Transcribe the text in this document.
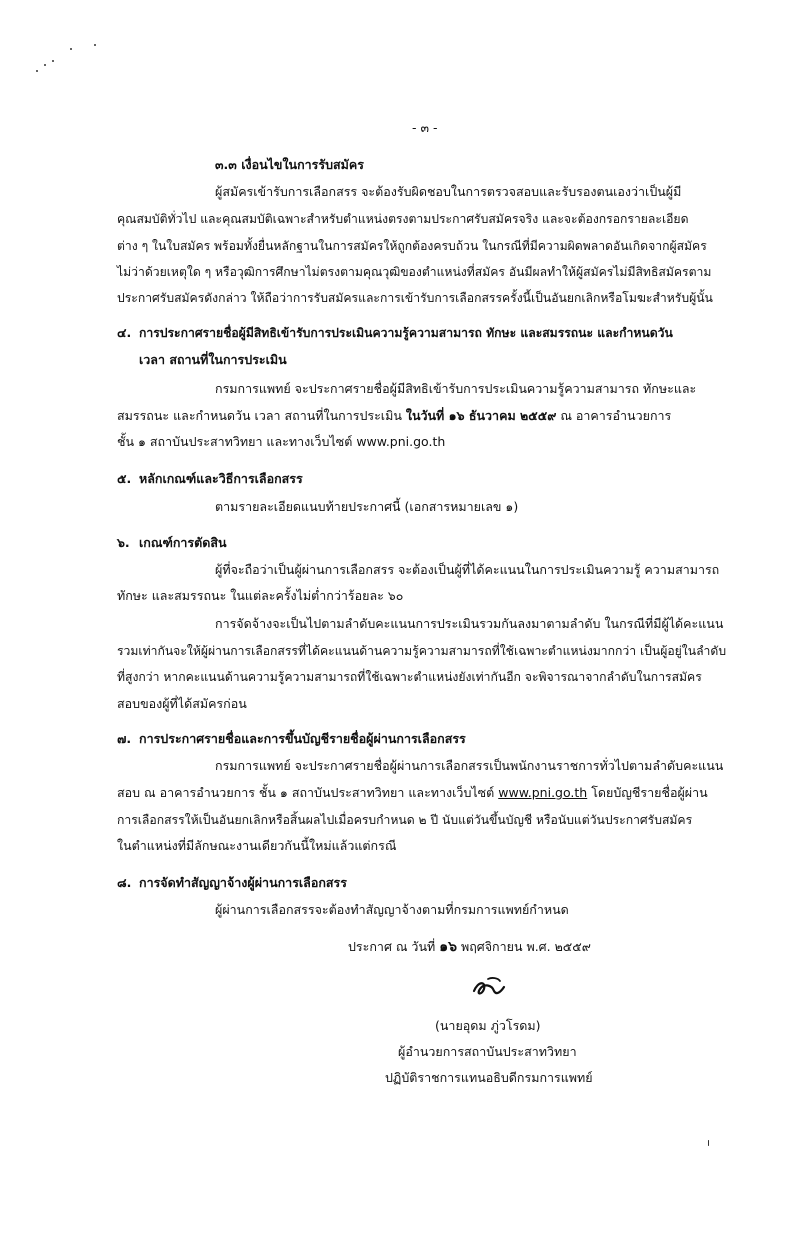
- ๓ -
๓.๓ เงื่อนไขในการรับสมัคร
ผู้สมัครเข้ารับการเลือกสรร จะต้องรับผิดชอบในการตรวจสอบและรับรองตนเองว่าเป็นผู้มี
คุณสมบัติทั่วไป และคุณสมบัติเฉพาะสำหรับตำแหน่งตรงตามประกาศรับสมัครจริง และจะต้องกรอกรายละเอียด
ต่าง ๆ ในใบสมัคร พร้อมทั้งยื่นหลักฐานในการสมัครให้ถูกต้องครบถ้วน ในกรณีที่มีความผิดพลาดอันเกิดจากผู้สมัคร
ไม่ว่าด้วยเหตุใด ๆ หรือวุฒิการศึกษาไม่ตรงตามคุณวุฒิของตำแหน่งที่สมัคร อันมีผลทำให้ผู้สมัครไม่มีสิทธิสมัครตาม
ประกาศรับสมัครดังกล่าว ให้ถือว่าการรับสมัครและการเข้ารับการเลือกสรรครั้งนี้เป็นอันยกเลิกหรือโมฆะสำหรับผู้นั้น
๔. การประกาศรายชื่อผู้มีสิทธิเข้ารับการประเมินความรู้ความสามารถ ทักษะ และสมรรถนะ และกำหนดวัน
เวลา สถานที่ในการประเมิน
กรมการแพทย์ จะประกาศรายชื่อผู้มีสิทธิเข้ารับการประเมินความรู้ความสามารถ ทักษะและ
สมรรถนะ และกำหนดวัน เวลา สถานที่ในการประเมิน ในวันที่ ๑๖ ธันวาคม ๒๕๕๙ ณ อาคารอำนวยการ
ชั้น ๑ สถาบันประสาทวิทยา และทางเว็บไซต์ www.pni.go.th
๕. หลักเกณฑ์และวิธีการเลือกสรร
ตามรายละเอียดแนบท้ายประกาศนี้ (เอกสารหมายเลข ๑)
๖. เกณฑ์การตัดสิน
ผู้ที่จะถือว่าเป็นผู้ผ่านการเลือกสรร จะต้องเป็นผู้ที่ได้คะแนนในการประเมินความรู้ ความสามารถ
ทักษะ และสมรรถนะ ในแต่ละครั้งไม่ต่ำกว่าร้อยละ ๖๐
การจัดจ้างจะเป็นไปตามลำดับคะแนนการประเมินรวมกันลงมาตามลำดับ ในกรณีที่มีผู้ได้คะแนน
รวมเท่ากันจะให้ผู้ผ่านการเลือกสรรที่ได้คะแนนด้านความรู้ความสามารถที่ใช้เฉพาะตำแหน่งมากกว่า เป็นผู้อยู่ในลำดับ
ที่สูงกว่า หากคะแนนด้านความรู้ความสามารถที่ใช้เฉพาะตำแหน่งยังเท่ากันอีก จะพิจารณาจากลำดับในการสมัคร
สอบของผู้ที่ได้สมัครก่อน
๗. การประกาศรายชื่อและการขึ้นบัญชีรายชื่อผู้ผ่านการเลือกสรร
กรมการแพทย์ จะประกาศรายชื่อผู้ผ่านการเลือกสรรเป็นพนักงานราชการทั่วไปตามลำดับคะแนน
สอบ ณ อาคารอำนวยการ ชั้น ๑ สถาบันประสาทวิทยา และทางเว็บไซต์ www.pni.go.th โดยบัญชีรายชื่อผู้ผ่าน
การเลือกสรรให้เป็นอันยกเลิกหรือสิ้นผลไปเมื่อครบกำหนด ๒ ปี นับแต่วันขึ้นบัญชี หรือนับแต่วันประกาศรับสมัคร
ในตำแหน่งที่มีลักษณะงานเดียวกันนี้ใหม่แล้วแต่กรณี
๘. การจัดทำสัญญาจ้างผู้ผ่านการเลือกสรร
ผู้ผ่านการเลือกสรรจะต้องทำสัญญาจ้างตามที่กรมการแพทย์กำหนด
ประกาศ ณ วันที่ ๑๖ พฤศจิกายน พ.ศ. ๒๕๕๙
(นายอุดม ภู่วโรดม)
ผู้อำนวยการสถาบันประสาทวิทยา
ปฏิบัติราชการแทนอธิบดีกรมการแพทย์
